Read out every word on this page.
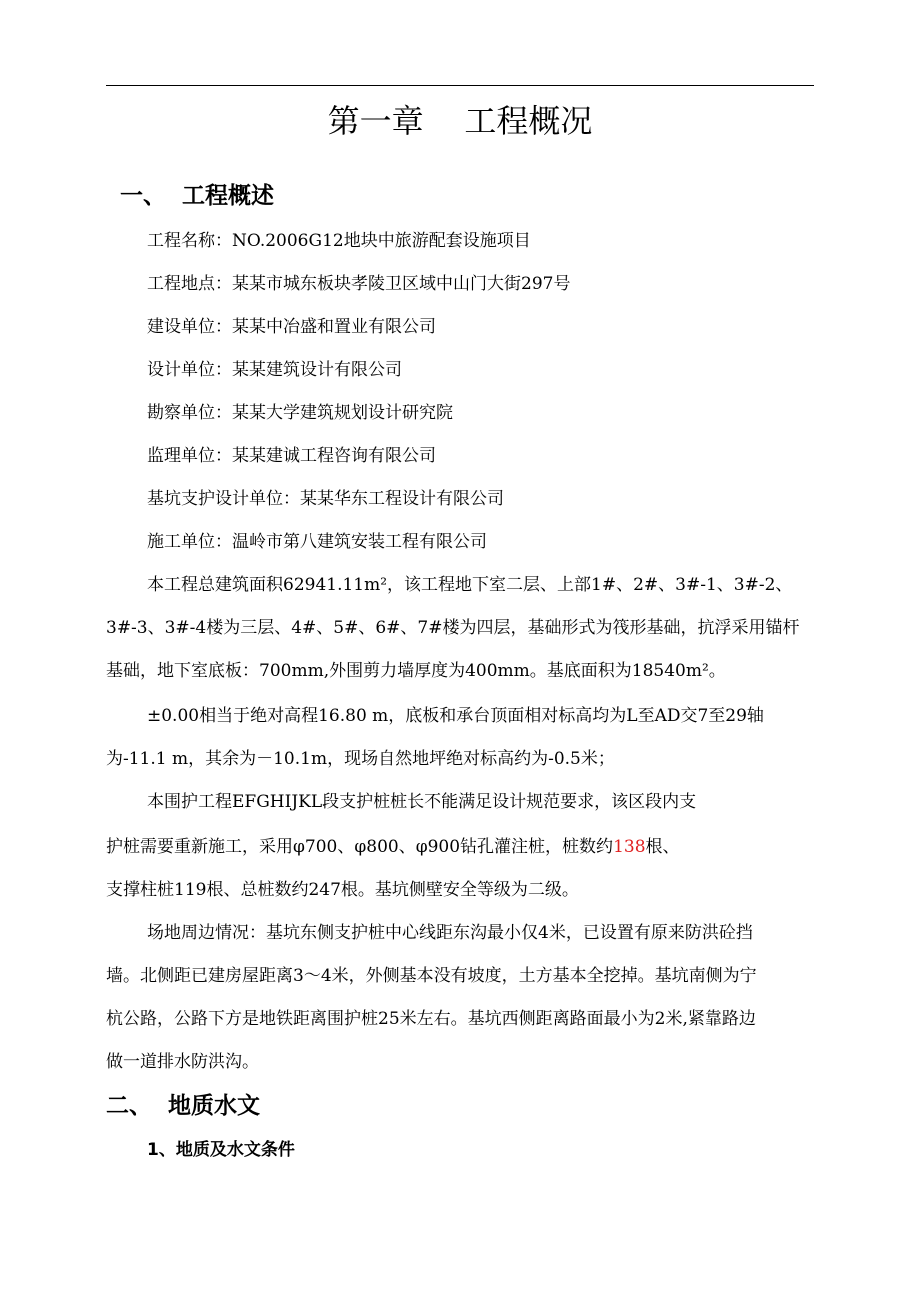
第一章    工程概况
一、  工程概述
工程名称：NO.2006G12地块中旅游配套设施项目
工程地点：某某市城东板块孝陵卫区域中山门大街297号
建设单位：某某中冶盛和置业有限公司
设计单位：某某建筑设计有限公司
勘察单位：某某大学建筑规划设计研究院
监理单位：某某建诚工程咨询有限公司
基坑支护设计单位：某某华东工程设计有限公司
施工单位：温岭市第八建筑安装工程有限公司
本工程总建筑面积62941.11m²，该工程地下室二层、上部1#、2#、3#-1、3#-2、
3#-3、3#-4楼为三层、4#、5#、6#、7#楼为四层，基础形式为筏形基础，抗浮采用锚杆
基础，地下室底板：700mm,外围剪力墙厚度为400mm。基底面积为18540m²。
±0.00相当于绝对高程16.80 m，底板和承台顶面相对标高均为L至AD交7至29轴
为-11.1 m，其余为－10.1m，现场自然地坪绝对标高约为-0.5米；
本围护工程EFGHIJKL段支护桩桩长不能满足设计规范要求，该区段内支
护桩需要重新施工，采用φ700、φ800、φ900钻孔灌注桩，桩数约138根、
支撑柱桩119根、总桩数约247根。基坑侧壁安全等级为二级。
场地周边情况：基坑东侧支护桩中心线距东沟最小仅4米，已设置有原来防洪砼挡
墙。北侧距已建房屋距离3～4米，外侧基本没有坡度，土方基本全挖掉。基坑南侧为宁
杭公路，公路下方是地铁距离围护桩25米左右。基坑西侧距离路面最小为2米,紧靠路边
做一道排水防洪沟。
二、  地质水文
1、地质及水文条件
